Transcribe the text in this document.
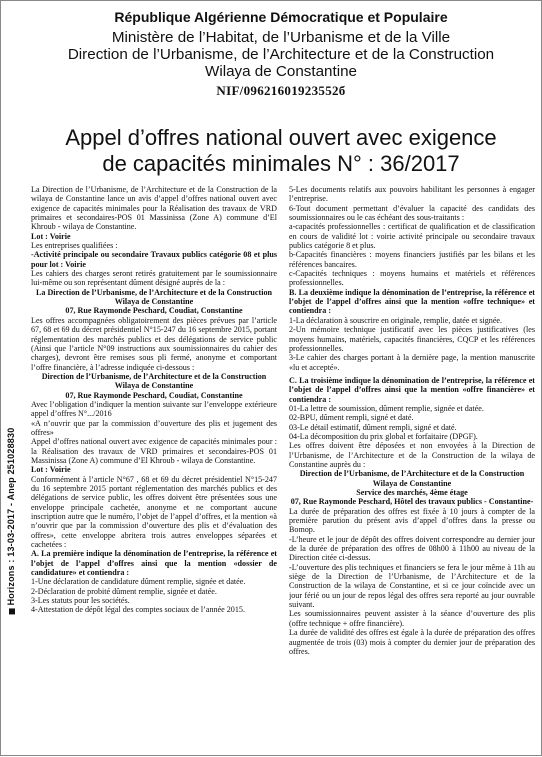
Horizons : 13-03-2017 - Anep 251028830
République Algérienne Démocratique et Populaire
Ministère de l’Habitat, de l’Urbanisme et de la Ville
Direction de l’Urbanisme, de l’Architecture et de la Construction
Wilaya de Constantine
NIF/09621601923552б
Appel d’offres national ouvert avec exigence
de capacités minimales N° : 36/2017

La Direction de l’Urbanisme, de l’Architecture et de la Construction de la wilaya de Constantine lance un avis d’appel d’offres national ouvert avec exigence de capacités minimales pour la Réalisation des travaux de VRD primaires et secondaires-POS 01 Massinissa (Zone A) commune d’El Khroub - wilaya de Constantine.

Lot : Voirie

Les entreprises qualifiées :

-Activité principale ou secondaire Travaux publics catégorie 08 et plus pour lot : Voirie

Les cahiers des charges seront retirés gratuitement par le soumissionnaire lui-même ou son représentant dûment désigné auprès de la :

La Direction de l’Urbanisme, de l’Architecture et de la Construction

Wilaya de Constantine

07, Rue Raymonde Peschard, Coudiat, Constantine

Les offres accompagnées obligatoirement des pièces prévues par l’article 67, 68 et 69 du décret présidentiel N°15-247 du 16 septembre 2015, portant réglementation des marchés publics et des délégations de service public (Ainsi que l’article N°09 instructions aux soumissionnaires du cahier des charges), devront être remises sous pli fermé, anonyme et comportant l’offre financière, à l’adresse indiquée ci-dessous :

Direction de l’Urbanisme, de l’Architecture et de la Construction

Wilaya de Constantine

07, Rue Raymonde Peschard, Coudiat, Constantine

Avec l’obligation d’indiquer la mention suivante sur l’enveloppe extérieure appel d’offres N°.../2016

«A n’ouvrir que par la commission d’ouverture des plis et jugement des offres»

Appel d’offres national ouvert avec exigence de capacités minimales pour : la Réalisation des travaux de VRD primaires et secondaires-POS 01 Massinissa (Zone A) commune d’El Khroub - wilaya de Constantine.

Lot : Voirie

Conformément à l’article N°67 , 68 et 69 du décret présidentiel N°15-247 du 16 septembre 2015 portant réglementation des marchés publics et des délégations de service public, les offres doivent être présentées sous une enveloppe principale cachetée, anonyme et ne comportant aucune inscription autre que le numéro, l’objet de l’appel d’offres, et la mention «à n’ouvrir que par la commission d’ouverture des plis et d’évaluation des offres», cette enveloppe abritera trois autres enveloppes séparées et cachetées :

A. La première indique la dénomination de l’entreprise, la référence et l’objet de l’appel d’offres ainsi que la mention «dossier de candidature» et contiendra :

1-Une déclaration de candidature dûment remplie, signée et datée.

2-Déclaration de probité dûment remplie, signée et datée.

3-Les statuts pour les sociétés.

4-Attestation de dépôt légal des comptes sociaux de l’année 2015.

5-Les documents relatifs aux pouvoirs habilitant les personnes à engager l’entreprise.

6-Tout document permettant d’évaluer la capacité des candidats des soumissionnaires ou le cas échéant des sous-traitants :

a-capacités professionnelles : certificat de qualification et de classification en cours de validité lot : voirie activité principale ou secondaire travaux publics catégorie 8 et plus.

b-Capacités financières : moyens financiers justifiés par les bilans et les références bancaires.

c-Capacités techniques : moyens humains et matériels et références professionnelles.

B. La deuxième indique la dénomination de l’entreprise, la référence et l’objet de l’appel d’offres ainsi que la mention «offre technique» et contiendra :

1-La déclaration à souscrire en originale, remplie, datée et signée.

2-Un mémoire technique justificatif avec les pièces justificatives (les moyens humains, matériels, capacités financières, CQCP et les références professionnelles.

3-Le cahier des charges portant à la dernière page, la mention manuscrite «lu et accepté».

C. La troisième indique la dénomination de l’entreprise, la référence et l’objet de l’appel d’offres ainsi que la mention «offre financière» et contiendra :

01-La lettre de soumission, dûment remplie, signée et datée.

02-BPU, dûment rempli, signé et daté.

03-Le détail estimatif, dûment rempli, signé et daté.

04-La décomposition du prix global et forfaitaire (DPGF).

Les offres doivent être déposées et non envoyées à la Direction de l’Urbanisme, de l’Architecture et de la Construction de la wilaya de Constantine auprès du :

Direction de l’Urbanisme, de l’Architecture et de la Construction

Wilaya de Constantine

Service des marchés, 4ème étage

07, Rue Raymonde Peschard, Hôtel des travaux publics - Constantine-

La durée de préparation des offres est fixée à 10 jours à compter de la première parution du présent avis d’appel d’offres dans la presse ou Bomop.

-L’heure et le jour de dépôt des offres doivent correspondre au dernier jour de la durée de préparation des offres de 08h00 à 11h00 au niveau de la Direction citée ci-dessus.

-L’ouverture des plis techniques et financiers se fera le jour même à 11h au siège de la Direction de l’Urbanisme, de l’Architecture et de la Construction de la wilaya de Constantine, et si ce jour coïncide avec un jour férié ou un jour de repos légal des offres sera reporté au jour ouvrable suivant.

Les soumissionnaires peuvent assister à la séance d’ouverture des plis (offre technique + offre financière).

La durée de validité des offres est égale à la durée de préparation des offres augmentée de trois (03) mois à compter du dernier jour de préparation des offres.
